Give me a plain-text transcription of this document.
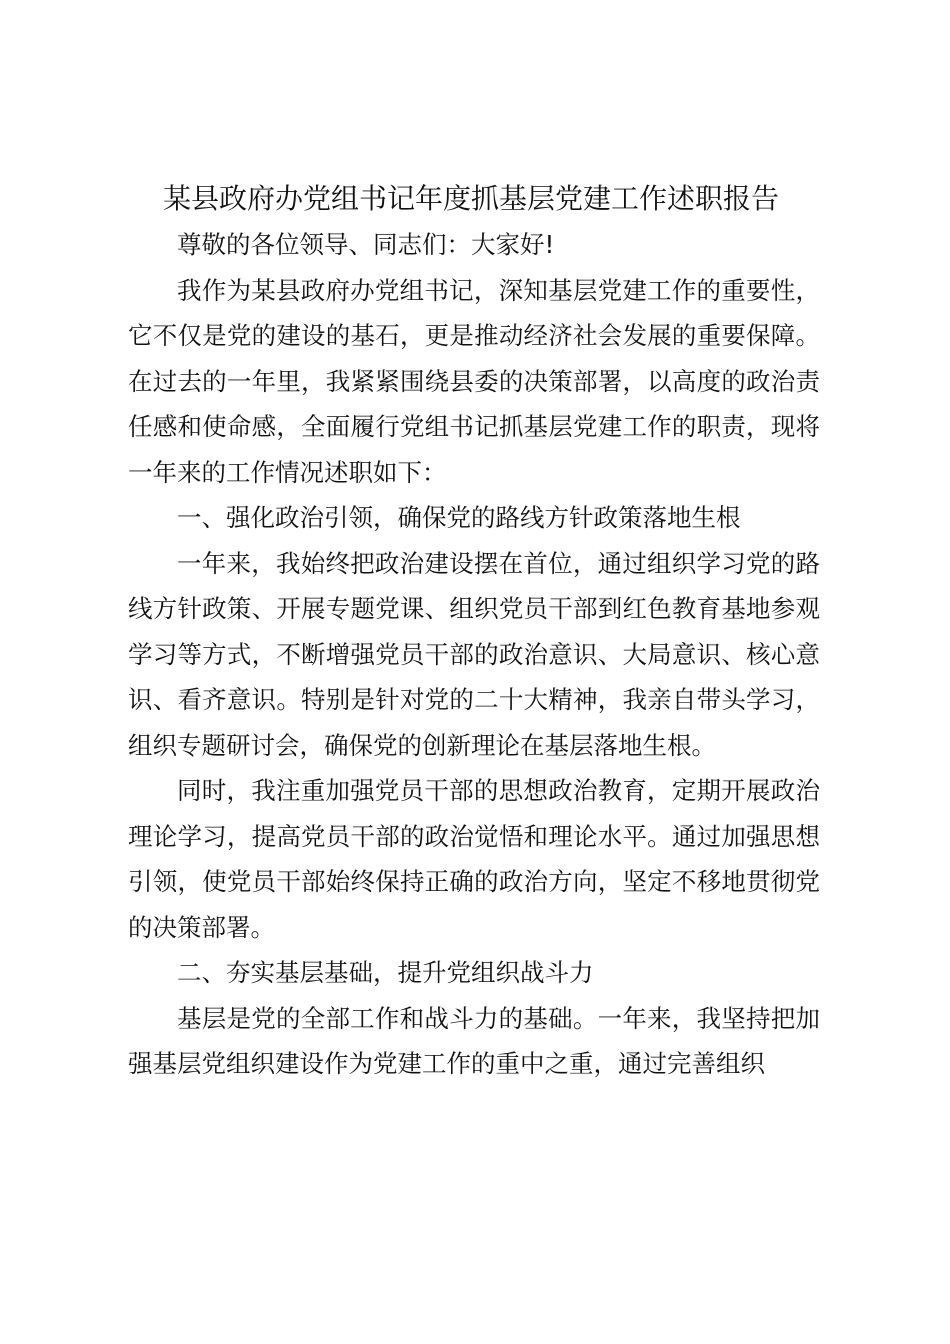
某县政府办党组书记年度抓基层党建工作述职报告

尊敬的各位领导、同志们：大家好!

我作为某县政府办党组书记，深知基层党建工作的重要性，它不仅是党的建设的基石，更是推动经济社会发展的重要保障。在过去的一年里，我紧紧围绕县委的决策部署，以高度的政治责任感和使命感，全面履行党组书记抓基层党建工作的职责，现将一年来的工作情况述职如下：

一、强化政治引领，确保党的路线方针政策落地生根

一年来，我始终把政治建设摆在首位，通过组织学习党的路线方针政策、开展专题党课、组织党员干部到红色教育基地参观学习等方式，不断增强党员干部的政治意识、大局意识、核心意识、看齐意识。特别是针对党的二十大精神，我亲自带头学习，组织专题研讨会，确保党的创新理论在基层落地生根。

同时，我注重加强党员干部的思想政治教育，定期开展政治理论学习，提高党员干部的政治觉悟和理论水平。通过加强思想引领，使党员干部始终保持正确的政治方向，坚定不移地贯彻党的决策部署。

二、夯实基层基础，提升党组织战斗力

基层是党的全部工作和战斗力的基础。一年来，我坚持把加强基层党组织建设作为党建工作的重中之重，通过完善组织
